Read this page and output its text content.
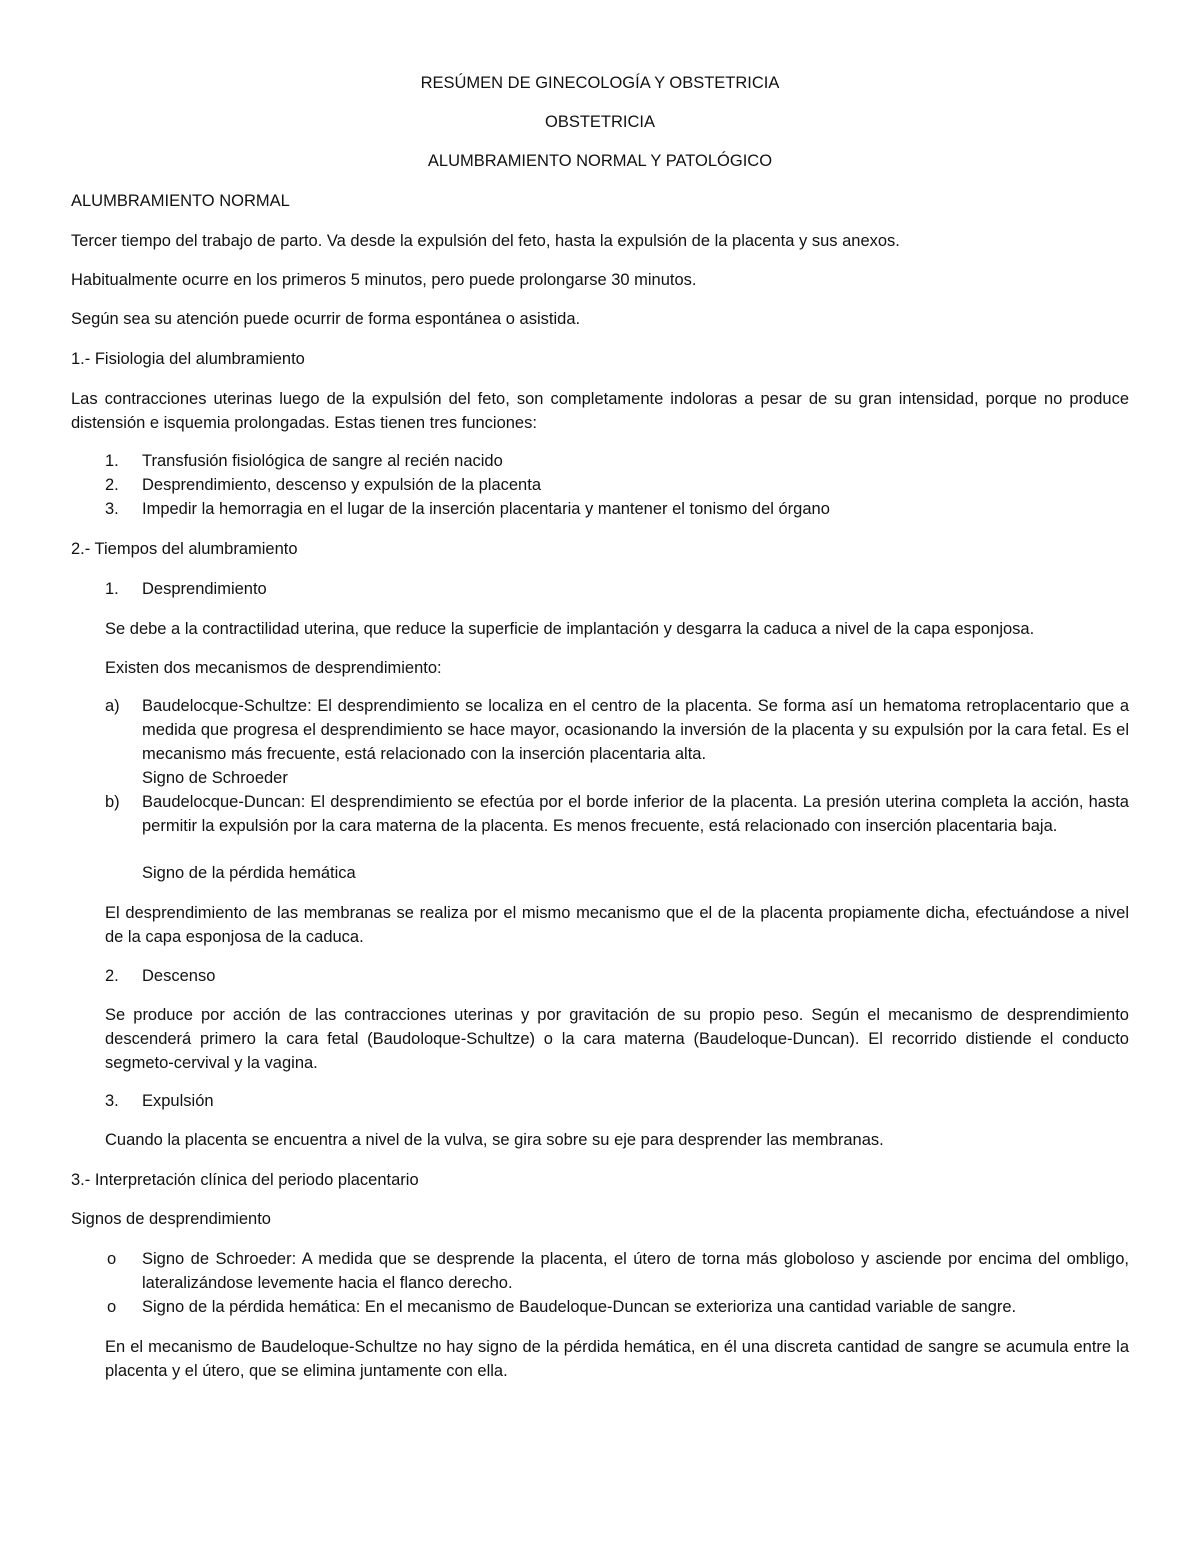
RESÚMEN DE GINECOLOGÍA Y OBSTETRICIA
OBSTETRICIA
ALUMBRAMIENTO NORMAL Y PATOLÓGICO
ALUMBRAMIENTO NORMAL
Tercer tiempo del trabajo de parto. Va desde la expulsión del feto, hasta la expulsión de la placenta y sus anexos.
Habitualmente ocurre en los primeros 5 minutos, pero puede prolongarse 30 minutos.
Según sea su atención puede ocurrir de forma espontánea o asistida.
1.- Fisiologia del alumbramiento
Las contracciones uterinas luego de la expulsión del feto, son completamente indoloras a pesar de su gran intensidad, porque no produce distensión e isquemia prolongadas. Estas tienen tres funciones:
1. Transfusión fisiológica de sangre al recién nacido
2. Desprendimiento, descenso y expulsión de la placenta
3. Impedir la hemorragia en el lugar de la inserción placentaria y mantener el tonismo del órgano
2.- Tiempos del alumbramiento
1. Desprendimiento
Se debe a la contractilidad uterina, que reduce la superficie de implantación y desgarra la caduca a nivel de la capa esponjosa.
Existen dos mecanismos de desprendimiento:
a) Baudelocque-Schultze: El desprendimiento se localiza en el centro de la placenta. Se forma así un hematoma retroplacentario que a medida que progresa el desprendimiento se hace mayor, ocasionando la inversión de la placenta y su expulsión por la cara fetal. Es el mecanismo más frecuente, está relacionado con la inserción placentaria alta.
Signo de Schroeder
b) Baudelocque-Duncan: El desprendimiento se efectúa por el borde inferior de la placenta. La presión uterina completa la acción, hasta permitir la expulsión por la cara materna de la placenta. Es menos frecuente, está relacionado con inserción placentaria baja.
Signo de la pérdida hemática
El desprendimiento de las membranas se realiza por el mismo mecanismo que el de la placenta propiamente dicha, efectuándose a nivel de la capa esponjosa de la caduca.
2. Descenso
Se produce por acción de las contracciones uterinas y por gravitación de su propio peso. Según el mecanismo de desprendimiento descenderá primero la cara fetal (Baudoloque-Schultze) o la cara materna (Baudeloque-Duncan). El recorrido distiende el conducto segmeto-cervival y la vagina.
3. Expulsión
Cuando la placenta se encuentra a nivel de la vulva, se gira sobre su eje para desprender las membranas.
3.- Interpretación clínica del periodo placentario
Signos de desprendimiento
o Signo de Schroeder: A medida que se desprende la placenta, el útero de torna más globoloso y asciende por encima del ombligo, lateralizándose levemente hacia el flanco derecho.
o Signo de la pérdida hemática: En el mecanismo de Baudeloque-Duncan se exterioriza una cantidad variable de sangre.
En el mecanismo de Baudeloque-Schultze no hay signo de la pérdida hemática, en él una discreta cantidad de sangre se acumula entre la placenta y el útero, que se elimina juntamente con ella.
